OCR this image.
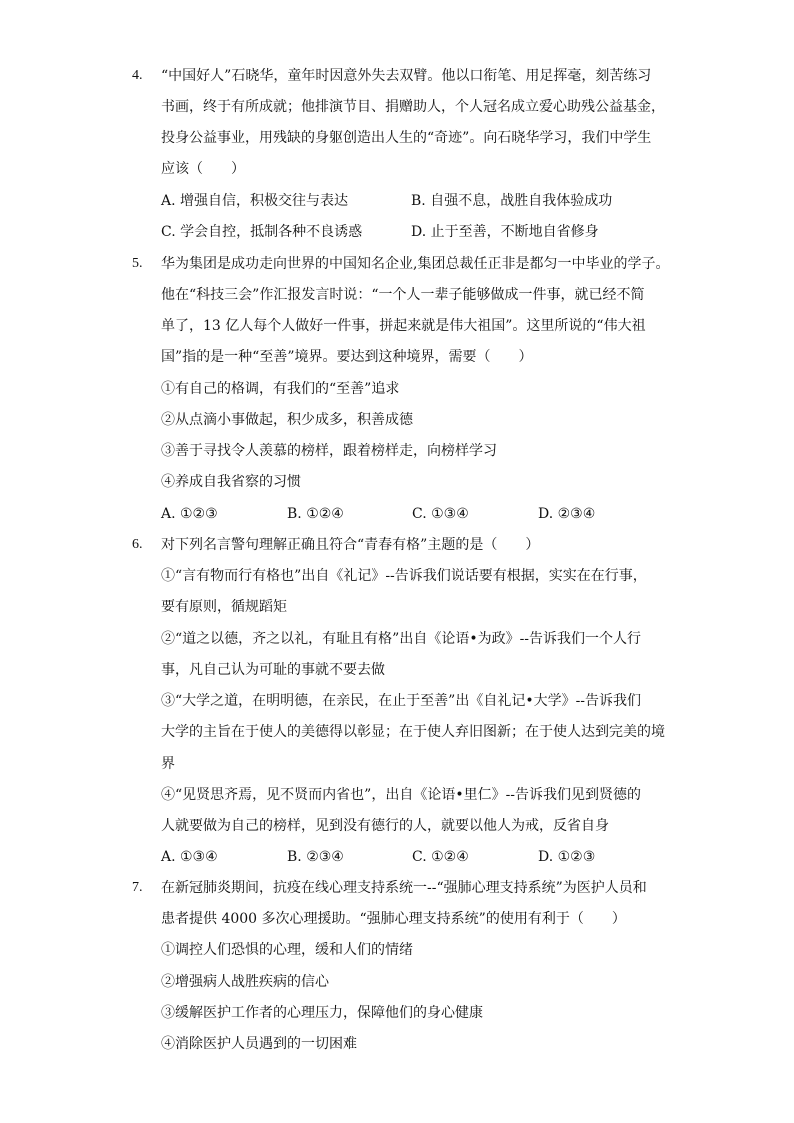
4. “中国好人”石晓华，童年时因意外失去双臂。他以口衔笔、用足挥毫，刻苦练习
书画，终于有所成就；他排演节目、捐赠助人，个人冠名成立爱心助残公益基金，
投身公益事业，用残缺的身躯创造出人生的“奇迹”。向石晓华学习，我们中学生
应该（　　）
A. 增强自信，积极交往与表达	B. 自强不息，战胜自我体验成功
C. 学会自控，抵制各种不良诱惑	D. 止于至善，不断地自省修身
5. 华为集团是成功走向世界的中国知名企业,集团总裁任正非是都匀一中毕业的学子。
他在“科技三会”作汇报发言时说：“一个人一辈子能够做成一件事，就已经不简
单了，13 亿人每个人做好一件事，拼起来就是伟大祖国”。这里所说的“伟大祖
国”指的是一种“至善”境界。要达到这种境界，需要（　　）
①有自己的格调，有我们的“至善”追求
②从点滴小事做起，积少成多，积善成德
③善于寻找令人羡慕的榜样，跟着榜样走，向榜样学习
④养成自我省察的习惯
A. ①②③	B. ①②④	C. ①③④	D. ②③④
6. 对下列名言警句理解正确且符合“青春有格”主题的是（　　）
①“言有物而行有格也”出自《礼记》--告诉我们说话要有根据，实实在在行事，
要有原则，循规蹈矩
②“道之以德，齐之以礼，有耻且有格”出自《论语•为政》--告诉我们一个人行
事，凡自己认为可耻的事就不要去做
③“大学之道，在明明德，在亲民，在止于至善”出《自礼记•大学》--告诉我们
大学的主旨在于使人的美德得以彰显；在于使人弃旧图新；在于使人达到完美的境
界
④“见贤思齐焉，见不贤而内省也”，出自《论语•里仁》--告诉我们见到贤德的
人就要做为自己的榜样，见到没有德行的人，就要以他人为戒，反省自身
A. ①③④	B. ②③④	C. ①②④	D. ①②③
7. 在新冠肺炎期间，抗疫在线心理支持系统一--“强肺心理支持系统”为医护人员和
患者提供 4000 多次心理援助。“强肺心理支持系统”的使用有利于（　　）
①调控人们恐惧的心理，缓和人们的情绪
②增强病人战胜疾病的信心
③缓解医护工作者的心理压力，保障他们的身心健康
④消除医护人员遇到的一切困难
